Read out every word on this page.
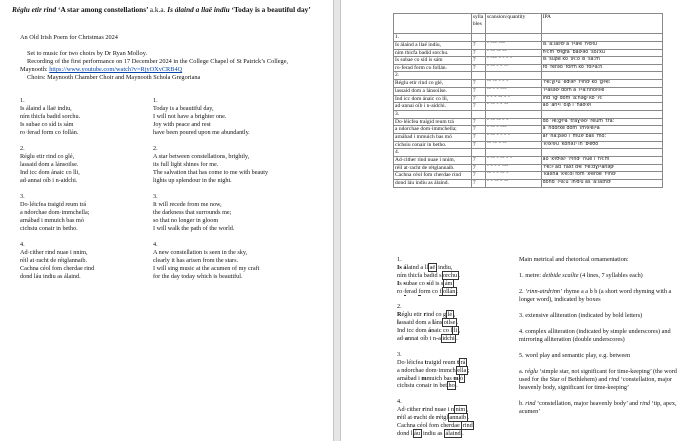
Réglu etir rind ‘A star among constellations’ a.k.a. Is álaind a llaë indiu ‘Today is a beautiful day’
An Old Irish Poem for Christmas 2024
Set to music for two choirs by Dr Ryan Molloy.
Recording of the first performance on 17 December 2024 in the College Chapel of St Patrick’s College, Maynooth: https://www.youtube.com/watch?v=RjyOXvCRB4Q
Choirs: Maynooth Chamber Choir and Maynooth Schola Gregoriana
1.
Is álaind a llaë indiu,
ním thicfa badid sorchu.
Is subae co síd is sám
ro·ferad form co follán.
2.
Réglu etir rind co glé,
lassaid dom a lánsoilse.
Ind icc dom ánaic co lli,
ad·annai oíb i n-aidchi.
3.
Do·léicfea traigid reum trá
a ndorchae dom·immchella;
arnábad i mmuich bas mó
cichsiu conair in betho.
4.
Ad·cither rind nuae i nnim,
réil at·racht de rétglannaib.
Cachna céol fom cherdae rind
dond láu indiu as álaind.
1.
Today is a beautiful day,
I will not have a brighter one.
Joy with peace and rest
have been poured upon me abundantly.
2.
A star between constellations, brightly,
its full light shines for me.
The salvation that has come to me with beauty
lights up splendour in the night.
3.
It will recede from me now,
the darkness that surrounds me;
so that no longer in gloom
I will walk the path of the world.
4.
A new constellation is seen in the sky,
clearly it has arisen from the stars.
I will sing music at the acumen of my craft
for the day today which is beautiful.
	sylla bles	scansion/quantity	IPA
1.			
Is álaind a llaë indiu,	7	˘ ˉ˘˘ ˉ˘˘	is ˈaːlaɪʲdʲ a ˈlˠaʲe ˈnʲdʲiu
ním thicfa badid sorchu.	7	ˉ ˉ˘ ˉ˘ ˉ˘	nʲiːm ˈθʲiɡfa ˈbaðʲəð ˈsoɾxu
Is subae co síd is sám	7	˘ ˉ˘˘ ˘ ˉ ˘ ˉ	is ˈsuβe ko ˈsʲiːð is ˈsaːm
ro·ferad form co follán.	7	˘ ˉ˘ ˉ ˘ ˉˉ	ro ˈferəð ˈform ko ˈfolˠaːn
2.			
Réglu etir rind co glé,	7	ˉ˘ ˉ˘ ˉ ˘ ˉ	ˈrʲeːɣlˠu ˈedʲərʲ ˈrʲindʲ ko ˈɡʲlʲeː
lassaid dom a lánsoilse.	7	ˉ˘ ˉ ˘ ˉˉ˘	ˈlˠasəðʲ dom a ˈlˠaːnholʲsʲe
Ind icc dom ánaic co lli,	7	˘ ˉ ˘ ˉ˘ ˘ ˉ	ind ˈiɡʲ dom ˈaːnəɡʲ ko ˈlʲiː
ad·annai oíb i n-aidchi.	7	˘ ˉ˘ ˉ ˘ ˉ˘	að ˈanˠi ˈoiβ i ˈnaðʲxʲi
3.			
Do·léicfea traigid reum trá	7	˘ ˉ˘ ˉ˘ ˉ ˉ	do ˈlʲeːɡʲfʲa ˈtraɣʲəðʲ ˈreum ˈtraː
a ndorchae dom·immchella;	7	˘ ˉ˘ ˘ ˉ˘˘	a ˈndorxe dom ˈimʲxʲelˠa
arnábad i mmuich bas mó	7	˘ ˉ˘ ˘ ˉ ˘ ˉ	ar ˈnaːβəð i ˈmuxʲ bas ˈmoː
cichsiu conair in betho.	7	ˉ˘ ˉ˘ ˘ ˉ˘	ˈkʲixʲsʲu ˈkonəɾʲ in ˈbʲeθo
4.			
Ad·cither rind nuae i nnim,	7	˘ ˉ˘ ˉ ˉ˘ ˘ ˉ	að ˈkʲiθʲəɾʲ ˈrʲindʲ ˈnue i ˈnʲiːm
réil at·racht de rétglannaib.	7	ˉ ˘ ˉ ˘ ˉ˘˘	ˈrʲeːlʲ ad ˈraxt dʲe ˈrʲeːdɣlˠanəβʲ
Cachna céol fom cherdae rind	7	ˉ˘ ˉ ˘ ˉ˘ ˉ	ˈkaxna ˈkʲeːol fom ˈxʲerðe ˈrʲindʲ
dond láu indiu as álaind.	7	˘ ˉ ˉ˘ ˘ ˉ˘	dond ˈlˠaːu ˈinʲdʲu as ˈaːlaɪndʲ
1.
Is álaind a ll aë indiu,
ním thicfa badid s orchu .
Is subae co síd is s ám
ro·ferad form co f ollán .
2.
Réglu etir rind co g lé ,
lassaid dom a láns oilse .
Ind icc dom ánaic co l li ,
ad·annai oíb i n-a idchi .
3.
Do·léicfea traigid reum t rá
a ndorchae dom·immch ella ;
arnábad i mmuich bas m ó
cichsiu conair in bet ho .
4.
Ad·cither rind nuae i n nim ,
réil at·racht de rétgl annaib .
Cachna céol fom cherdae rind
dond l áu indiu as álaind .

Main metrical and rhetorical ornamentation:

1. metre: deibide scaílte (4 lines, 7 syllables each)

2. ‘rinn-airdrinn’ rhyme a a b b (a short word rhyming with a longer word), indicated by boxes

3. extensive alliteration (indicated by bold letters)

4. complex alliteration (indicated by simple underscores) and mirroring alliteration (double underscores)

5. word play and semantic play, e.g. between

a. réglu ‘simple star, not significant for time-keeping’ (the word used for the Star of Bethlehem) and rind ‘constellation, major heavenly body, significant for time-keeping’

b. rind ‘constellation, major heavenly body’ and rind ‘tip, apex, acumen’
